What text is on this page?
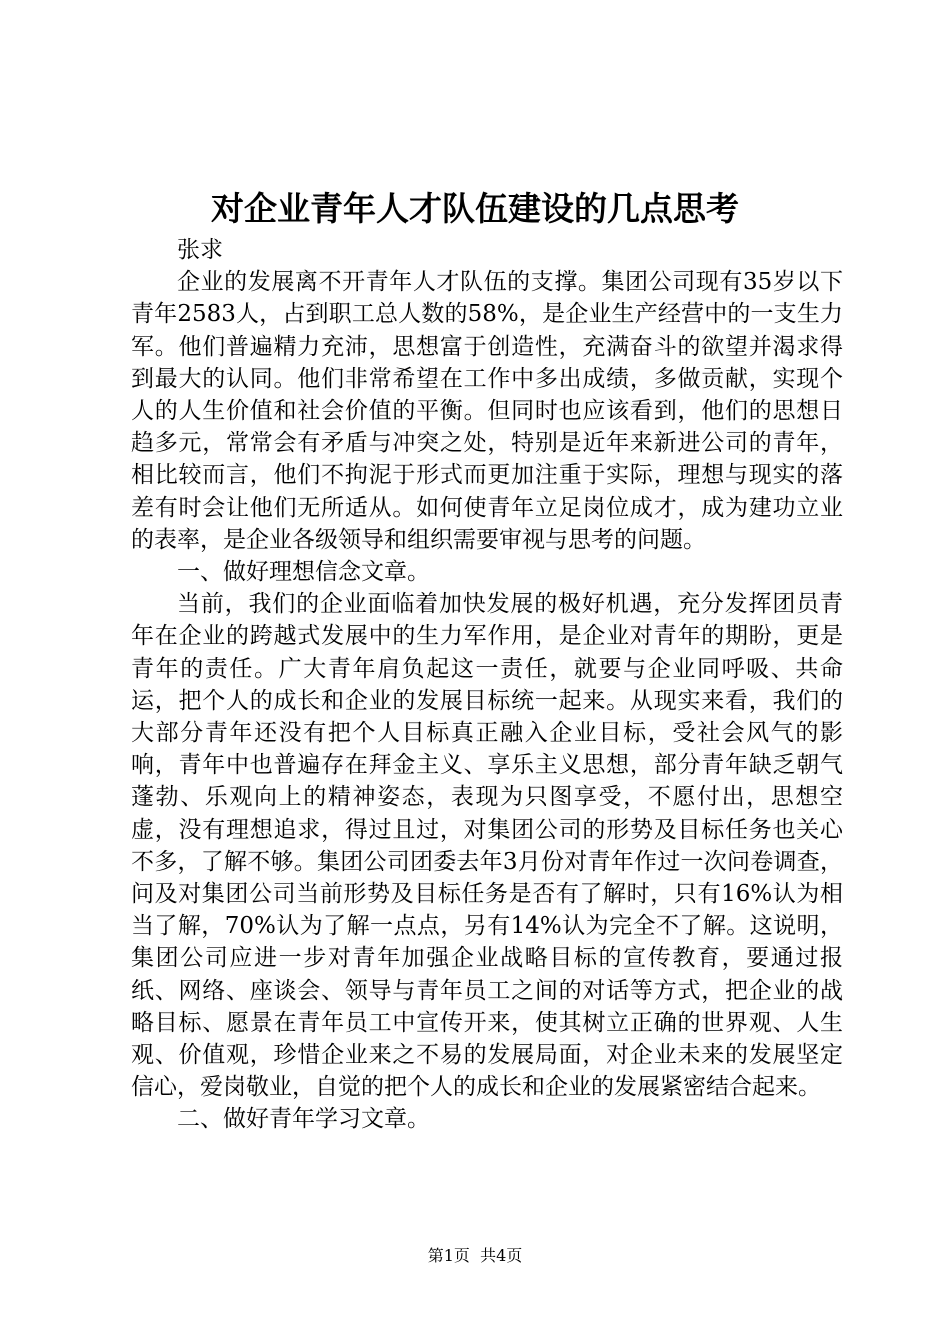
对企业青年人才队伍建设的几点思考

张求

企业的发展离不开青年人才队伍的支撑。集团公司现有35岁以下青年2583人，占到职工总人数的58%，是企业生产经营中的一支生力军。他们普遍精力充沛，思想富于创造性，充满奋斗的欲望并渴求得到最大的认同。他们非常希望在工作中多出成绩，多做贡献，实现个人的人生价值和社会价值的平衡。但同时也应该看到，他们的思想日趋多元，常常会有矛盾与冲突之处，特别是近年来新进公司的青年，相比较而言，他们不拘泥于形式而更加注重于实际，理想与现实的落差有时会让他们无所适从。如何使青年立足岗位成才，成为建功立业的表率，是企业各级领导和组织需要审视与思考的问题。

一、做好理想信念文章。

当前，我们的企业面临着加快发展的极好机遇，充分发挥团员青年在企业的跨越式发展中的生力军作用，是企业对青年的期盼，更是青年的责任。广大青年肩负起这一责任，就要与企业同呼吸、共命运，把个人的成长和企业的发展目标统一起来。从现实来看，我们的大部分青年还没有把个人目标真正融入企业目标，受社会风气的影响，青年中也普遍存在拜金主义、享乐主义思想，部分青年缺乏朝气蓬勃、乐观向上的精神姿态，表现为只图享受，不愿付出，思想空虚，没有理想追求，得过且过，对集团公司的形势及目标任务也关心不多，了解不够。集团公司团委去年3月份对青年作过一次问卷调查，问及对集团公司当前形势及目标任务是否有了解时，只有16%认为相当了解，70%认为了解一点点，另有14%认为完全不了解。这说明，集团公司应进一步对青年加强企业战略目标的宣传教育，要通过报纸、网络、座谈会、领导与青年员工之间的对话等方式，把企业的战略目标、愿景在青年员工中宣传开来，使其树立正确的世界观、人生观、价值观，珍惜企业来之不易的发展局面，对企业未来的发展坚定信心，爱岗敬业，自觉的把个人的成长和企业的发展紧密结合起来。

二、做好青年学习文章。

第1页 共4页
